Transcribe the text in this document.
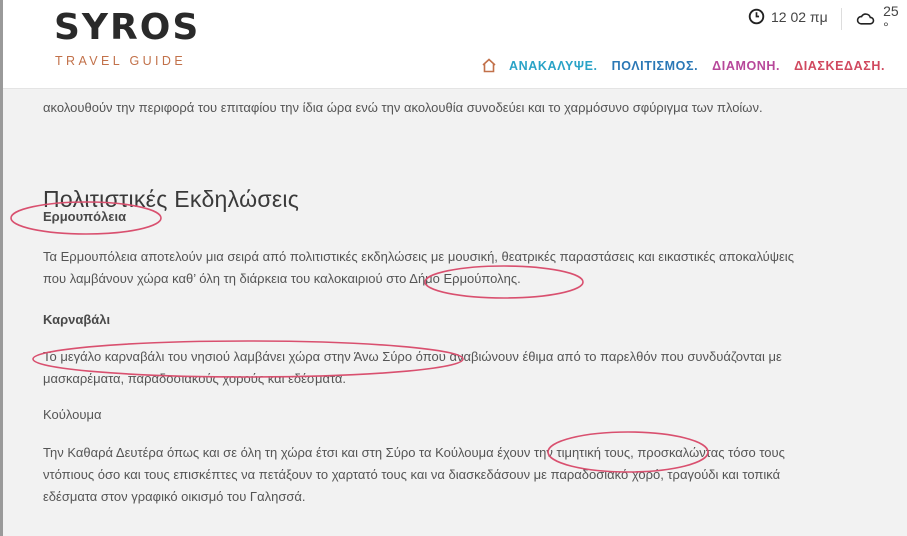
SYROS
TRAVEL GUIDE
12 02 πμ	25 °
ΑΝΑΚΑΛΥΨΕ. ΠΟΛΙΤΙΣΜΟΣ. ΔΙΑΜΟΝΗ. ΔΙΑΣΚΕΔΑΣΗ.
ακολουθούν την περιφορά του επιταφίου την ίδια ώρα ενώ την ακολουθία συνοδεύει και το χαρμόσυνο σφύριγμα των πλοίων.
Πολιτιστικές Εκδηλώσεις
Ερμουπόλεια

Τα Ερμουπόλεια αποτελούν μια σειρά από πολιτιστικές εκδηλώσεις με μουσική, θεατρικές παραστάσεις και εικαστικές αποκαλύψεις

που λαμβάνουν χώρα καθ’ όλη τη διάρκεια του καλοκαιριού στο Δήμο Ερμούπολης.

Καρναβάλι

Το μεγάλο καρναβάλι του νησιού λαμβάνει χώρα στην Άνω Σύρο όπου αναβιώνουν έθιμα από το παρελθόν που συνδυάζονται με

μασκαρέματα, παραδοσιακούς χορούς και εδέσματα.

Κούλουμα

Την Καθαρά Δευτέρα όπως και σε όλη τη χώρα έτσι και στη Σύρο τα Κούλουμα έχουν την τιμητική τους, προσκαλώντας τόσο τους

ντόπιους όσο και τους επισκέπτες να πετάξουν το χαρτατό τους και να διασκεδάσουν με παραδοσιακό χορό, τραγούδι και τοπικά

εδέσματα στον γραφικό οικισμό του Γαλησσά.
